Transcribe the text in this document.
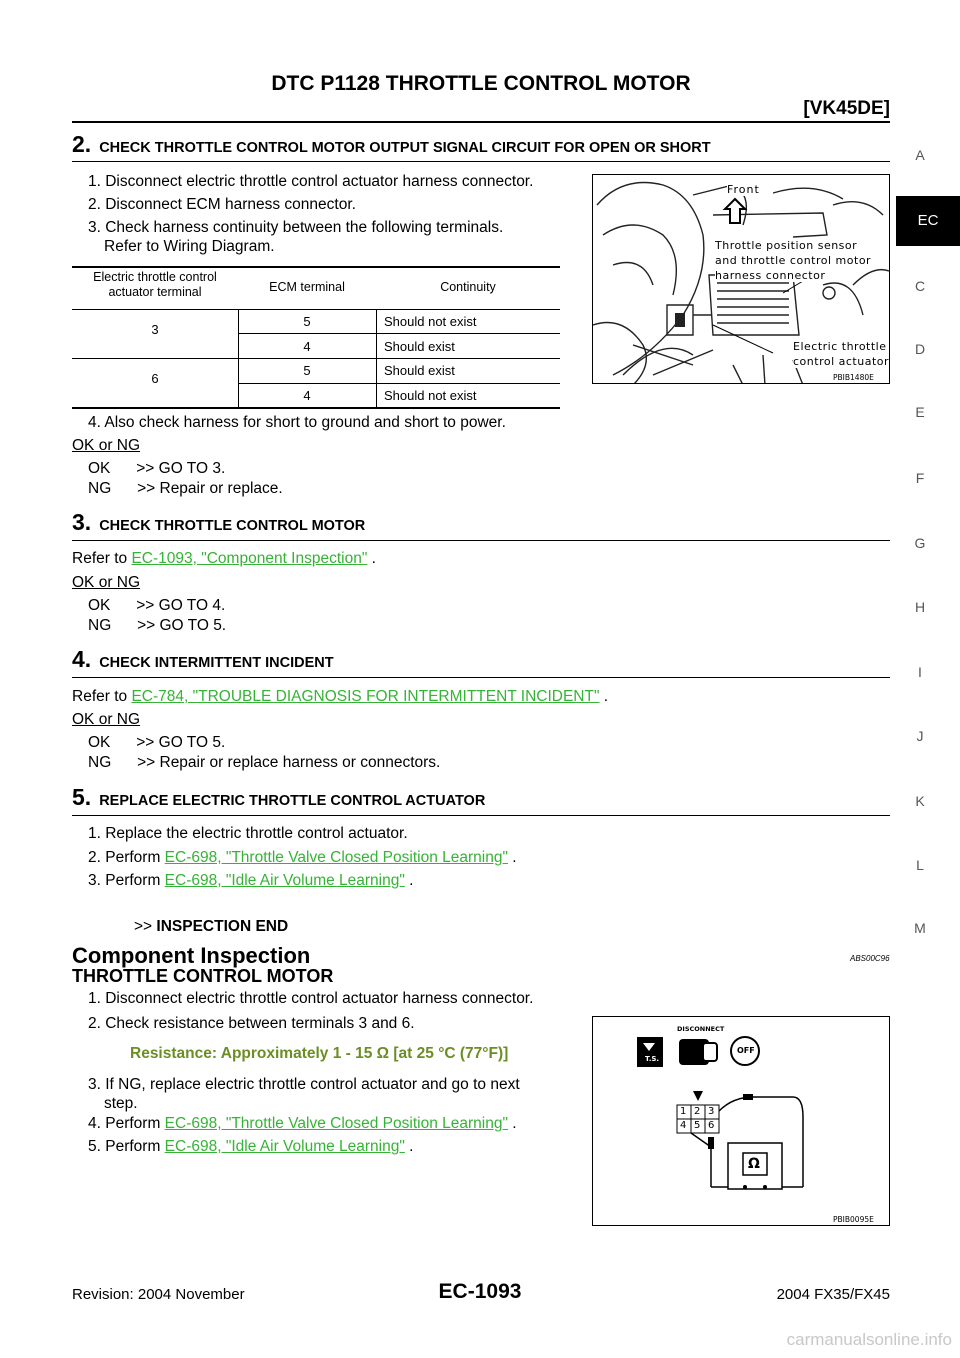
DTC P1128 THROTTLE CONTROL MOTOR
[VK45DE]
A
EC
C
D
E
F
G
H
I
J
K
L
M
2. CHECK THROTTLE CONTROL MOTOR OUTPUT SIGNAL CIRCUIT FOR OPEN OR SHORT
1. Disconnect electric throttle control actuator harness connector.
2. Disconnect ECM harness connector.
3. Check harness continuity between the following terminals.
Refer to Wiring Diagram.
Electric throttle control actuator terminal	ECM terminal	Continuity
3
5	Should not exist
4	Should exist
6
5	Should exist
4	Should not exist
Front
Throttle position sensor
and throttle control motor
harness connector
Electric throttle
control actuator
PBIB1480E
4. Also check harness for short to ground and short to power.
OK or NG
OK      >> GO TO 3.
NG      >> Repair or replace.
3. CHECK THROTTLE CONTROL MOTOR
Refer to EC-1093, "Component Inspection" .
OK or NG
OK      >> GO TO 4.
NG      >> GO TO 5.
4. CHECK INTERMITTENT INCIDENT
Refer to EC-784, "TROUBLE DIAGNOSIS FOR INTERMITTENT INCIDENT" .
OK or NG
OK      >> GO TO 5.
NG      >> Repair or replace harness or connectors.
5. REPLACE ELECTRIC THROTTLE CONTROL ACTUATOR
1. Replace the electric throttle control actuator.
2. Perform EC-698, "Throttle Valve Closed Position Learning" .
3. Perform EC-698, "Idle Air Volume Learning" .
>> INSPECTION END
Component Inspection	ABS00C96
THROTTLE CONTROL MOTOR
1. Disconnect electric throttle control actuator harness connector.
2. Check resistance between terminals 3 and 6.
Resistance: Approximately 1 - 15 Ω [at 25 °C (77°F)]
3. If NG, replace electric throttle control actuator and go to next
step.
4. Perform EC-698, "Throttle Valve Closed Position Learning" .
5. Perform EC-698, "Idle Air Volume Learning" .
DISCONNECT
T.S.
OFF
1 2 3
4 5 6
Ω
PBIB0095E
Revision: 2004 November	EC-1093	2004 FX35/FX45
carmanualsonline.info
